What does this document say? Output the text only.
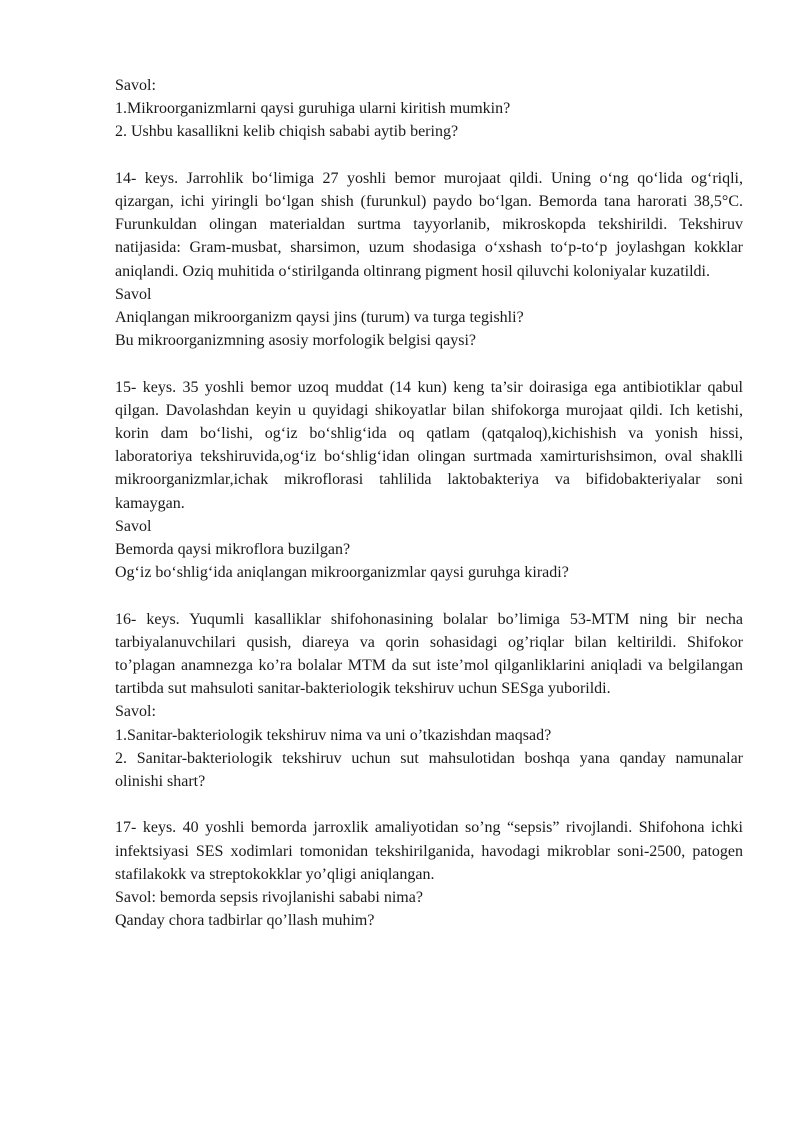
Savol:
1.Mikroorganizmlarni qaysi guruhiga ularni kiritish mumkin?
2. Ushbu kasallikni kelib chiqish sababi aytib bering?
14- keys. Jarrohlik bo‘limiga 27 yoshli bemor murojaat qildi. Uning o‘ng qo‘lida og‘riqli, qizargan, ichi yiringli bo‘lgan shish (furunkul) paydo bo‘lgan. Bemorda tana harorati 38,5°C. Furunkuldan olingan materialdan surtma tayyorlanib, mikroskopda tekshirildi. Tekshiruv natijasida: Gram-musbat, sharsimon, uzum shodasiga o‘xshash to‘p-to‘p joylashgan kokklar aniqlandi. Oziq muhitida o‘stirilganda oltinrang pigment hosil qiluvchi koloniyalar kuzatildi.
Savol
Aniqlangan mikroorganizm qaysi jins (turum) va turga tegishli?
Bu mikroorganizmning asosiy morfologik belgisi qaysi?
15- keys. 35 yoshli bemor uzoq muddat (14 kun) keng ta’sir doirasiga ega antibiotiklar qabul qilgan. Davolashdan keyin u quyidagi shikoyatlar bilan shifokorga murojaat qildi. Ich ketishi, korin dam bo‘lishi, og‘iz bo‘shlig‘ida oq qatlam (qatqaloq),kichishish va yonish hissi, laboratoriya tekshiruvida,og‘iz bo‘shlig‘idan olingan surtmada xamirturishsimon, oval shaklli mikroorganizmlar,ichak mikroflorasi tahlilida laktobakteriya va bifidobakteriyalar soni kamaygan.
Savol
Bemorda qaysi mikroflora buzilgan?
Og‘iz bo‘shlig‘ida aniqlangan mikroorganizmlar qaysi guruhga kiradi?
16- keys. Yuqumli kasalliklar shifohonasining bolalar bo’limiga 53-MTM ning bir necha tarbiyalanuvchilari qusish, diareya va qorin sohasidagi og’riqlar bilan keltirildi. Shifokor to’plagan anamnezga ko’ra bolalar MTM da sut iste’mol qilganliklarini aniqladi va belgilangan tartibda sut mahsuloti sanitar-bakteriologik tekshiruv uchun SESga yuborildi.
Savol:
1.Sanitar-bakteriologik tekshiruv nima va uni o’tkazishdan maqsad?
2. Sanitar-bakteriologik tekshiruv uchun sut mahsulotidan boshqa yana qanday namunalar olinishi shart?
17- keys. 40 yoshli bemorda jarroxlik amaliyotidan so’ng “sepsis” rivojlandi. Shifohona ichki infektsiyasi SES xodimlari tomonidan tekshirilganida, havodagi mikroblar soni-2500, patogen stafilakokk va streptokokklar yo’qligi aniqlangan.
Savol: bemorda sepsis rivojlanishi sababi nima?
Qanday chora tadbirlar qo’llash muhim?
